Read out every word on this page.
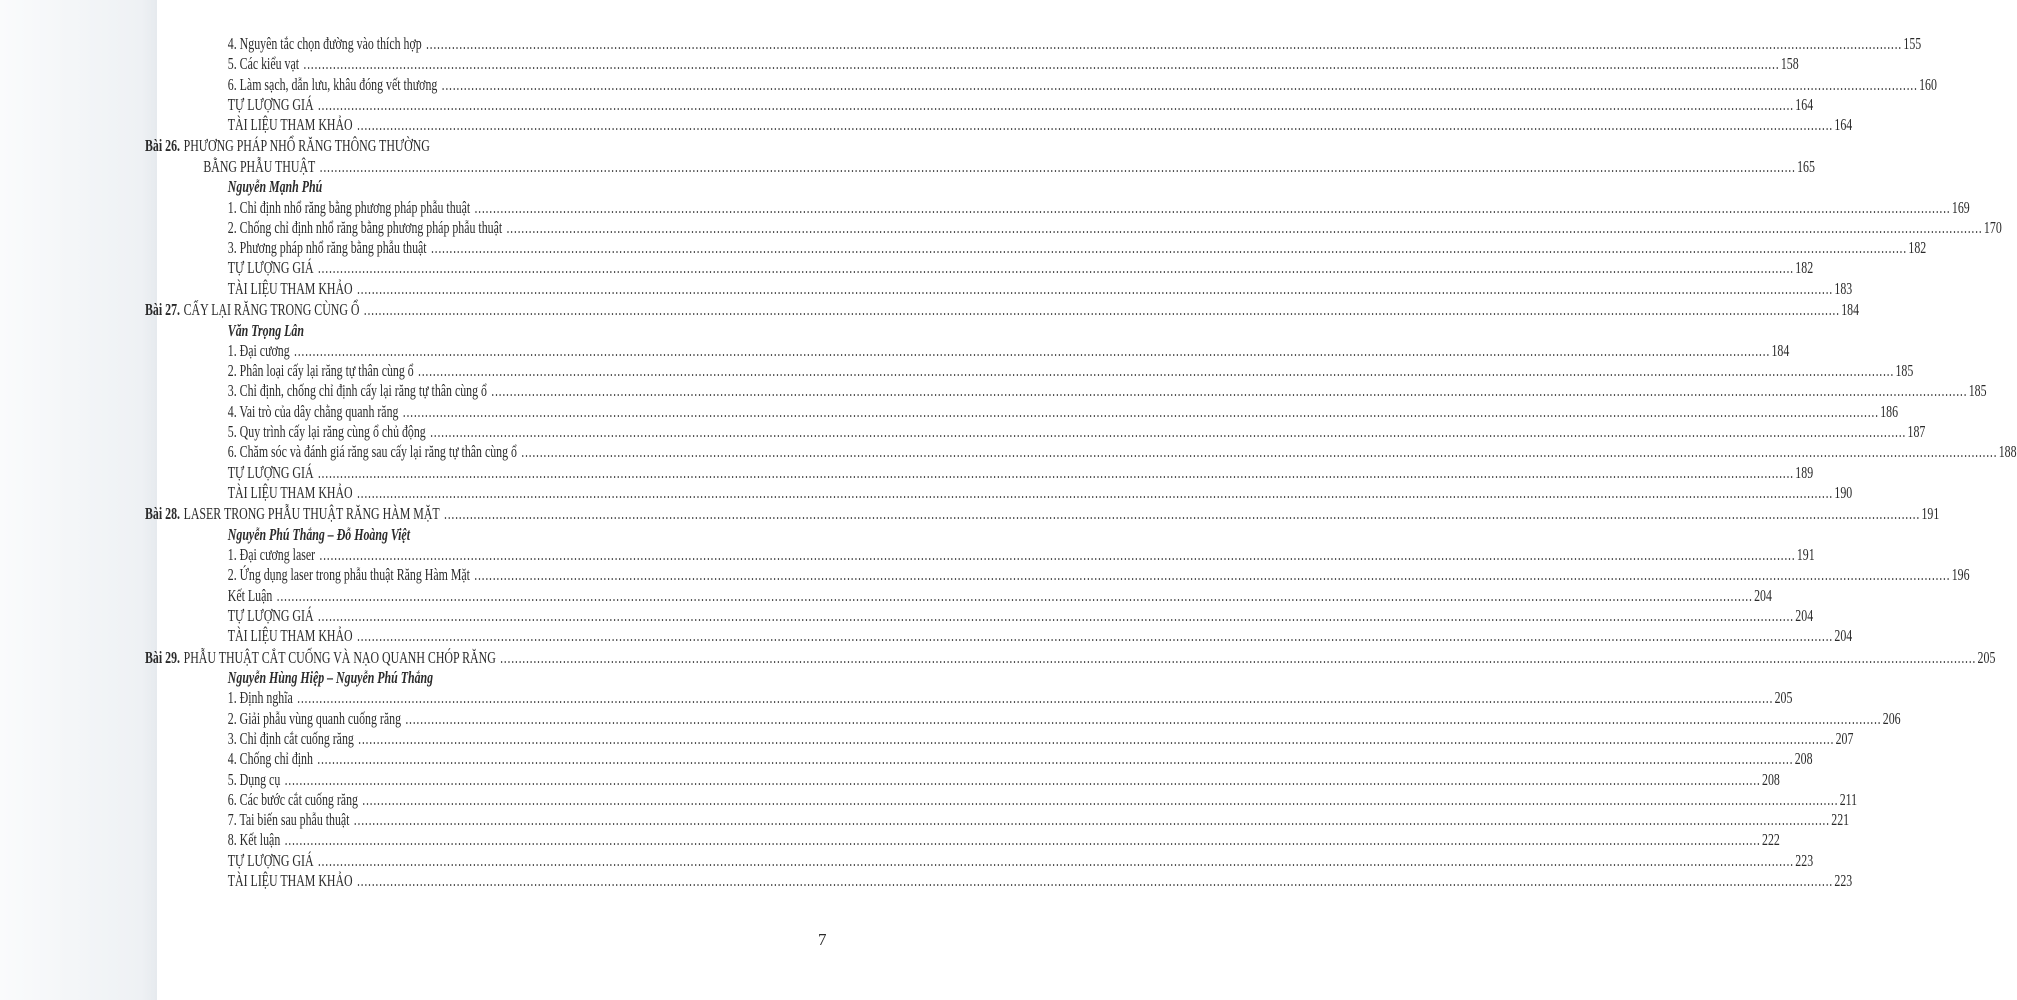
4. Nguyên tắc chọn đường vào thích hợp ................................................................................................................................................................................................................................................................................................................................................................................................................ 155
5. Các kiểu vạt ................................................................................................................................................................................................................................................................................................................................................................................................................ 158
6. Làm sạch, dẫn lưu, khâu đóng vết thương ................................................................................................................................................................................................................................................................................................................................................................................................................ 160
TỰ LƯỢNG GIÁ ................................................................................................................................................................................................................................................................................................................................................................................................................ 164
TÀI LIỆU THAM KHẢO ................................................................................................................................................................................................................................................................................................................................................................................................................ 164
Bài 26. PHƯƠNG PHÁP NHỔ RĂNG THÔNG THƯỜNG
BẰNG PHẪU THUẬT ................................................................................................................................................................................................................................................................................................................................................................................................................ 165
Nguyễn Mạnh Phú
1. Chỉ định nhổ răng bằng phương pháp phẫu thuật ................................................................................................................................................................................................................................................................................................................................................................................................................ 169
2. Chống chỉ định nhổ răng bằng phương pháp phẫu thuật ................................................................................................................................................................................................................................................................................................................................................................................................................ 170
3. Phương pháp nhổ răng bằng phẫu thuật ................................................................................................................................................................................................................................................................................................................................................................................................................ 182
TỰ LƯỢNG GIÁ ................................................................................................................................................................................................................................................................................................................................................................................................................ 182
TÀI LIỆU THAM KHẢO ................................................................................................................................................................................................................................................................................................................................................................................................................ 183
Bài 27. CẤY LẠI RĂNG TRONG CÙNG Ổ ................................................................................................................................................................................................................................................................................................................................................................................................................ 184
Văn Trọng Lân
1. Đại cương ................................................................................................................................................................................................................................................................................................................................................................................................................ 184
2. Phân loại cấy lại răng tự thân cùng ổ ................................................................................................................................................................................................................................................................................................................................................................................................................ 185
3. Chỉ định, chống chỉ định cấy lại răng tự thân cùng ổ ................................................................................................................................................................................................................................................................................................................................................................................................................ 185
4. Vai trò của dây chằng quanh răng ................................................................................................................................................................................................................................................................................................................................................................................................................ 186
5. Quy trình cấy lại răng cùng ổ chủ động ................................................................................................................................................................................................................................................................................................................................................................................................................ 187
6. Chăm sóc và đánh giá răng sau cấy lại răng tự thân cùng ổ ................................................................................................................................................................................................................................................................................................................................................................................................................ 188
TỰ LƯỢNG GIÁ ................................................................................................................................................................................................................................................................................................................................................................................................................ 189
TÀI LIỆU THAM KHẢO ................................................................................................................................................................................................................................................................................................................................................................................................................ 190
Bài 28. LASER TRONG PHẪU THUẬT RĂNG HÀM MẶT ................................................................................................................................................................................................................................................................................................................................................................................................................ 191
Nguyễn Phú Thắng – Đỗ Hoàng Việt
1. Đại cương laser ................................................................................................................................................................................................................................................................................................................................................................................................................ 191
2. Ứng dụng laser trong phẫu thuật Răng Hàm Mặt ................................................................................................................................................................................................................................................................................................................................................................................................................ 196
Kết Luận ................................................................................................................................................................................................................................................................................................................................................................................................................ 204
TỰ LƯỢNG GIÁ ................................................................................................................................................................................................................................................................................................................................................................................................................ 204
TÀI LIỆU THAM KHẢO ................................................................................................................................................................................................................................................................................................................................................................................................................ 204
Bài 29. PHẪU THUẬT CẮT CUỐNG VÀ NẠO QUANH CHÓP RĂNG ................................................................................................................................................................................................................................................................................................................................................................................................................ 205
Nguyễn Hùng Hiệp – Nguyễn Phú Thắng
1. Định nghĩa ................................................................................................................................................................................................................................................................................................................................................................................................................ 205
2. Giải phẫu vùng quanh cuống răng ................................................................................................................................................................................................................................................................................................................................................................................................................ 206
3. Chỉ định cắt cuống răng ................................................................................................................................................................................................................................................................................................................................................................................................................ 207
4. Chống chỉ định ................................................................................................................................................................................................................................................................................................................................................................................................................ 208
5. Dụng cụ ................................................................................................................................................................................................................................................................................................................................................................................................................ 208
6. Các bước cắt cuống răng ................................................................................................................................................................................................................................................................................................................................................................................................................ 211
7. Tai biến sau phẫu thuật ................................................................................................................................................................................................................................................................................................................................................................................................................ 221
8. Kết luận ................................................................................................................................................................................................................................................................................................................................................................................................................ 222
TỰ LƯỢNG GIÁ ................................................................................................................................................................................................................................................................................................................................................................................................................ 223
TÀI LIỆU THAM KHẢO ................................................................................................................................................................................................................................................................................................................................................................................................................ 223
7
